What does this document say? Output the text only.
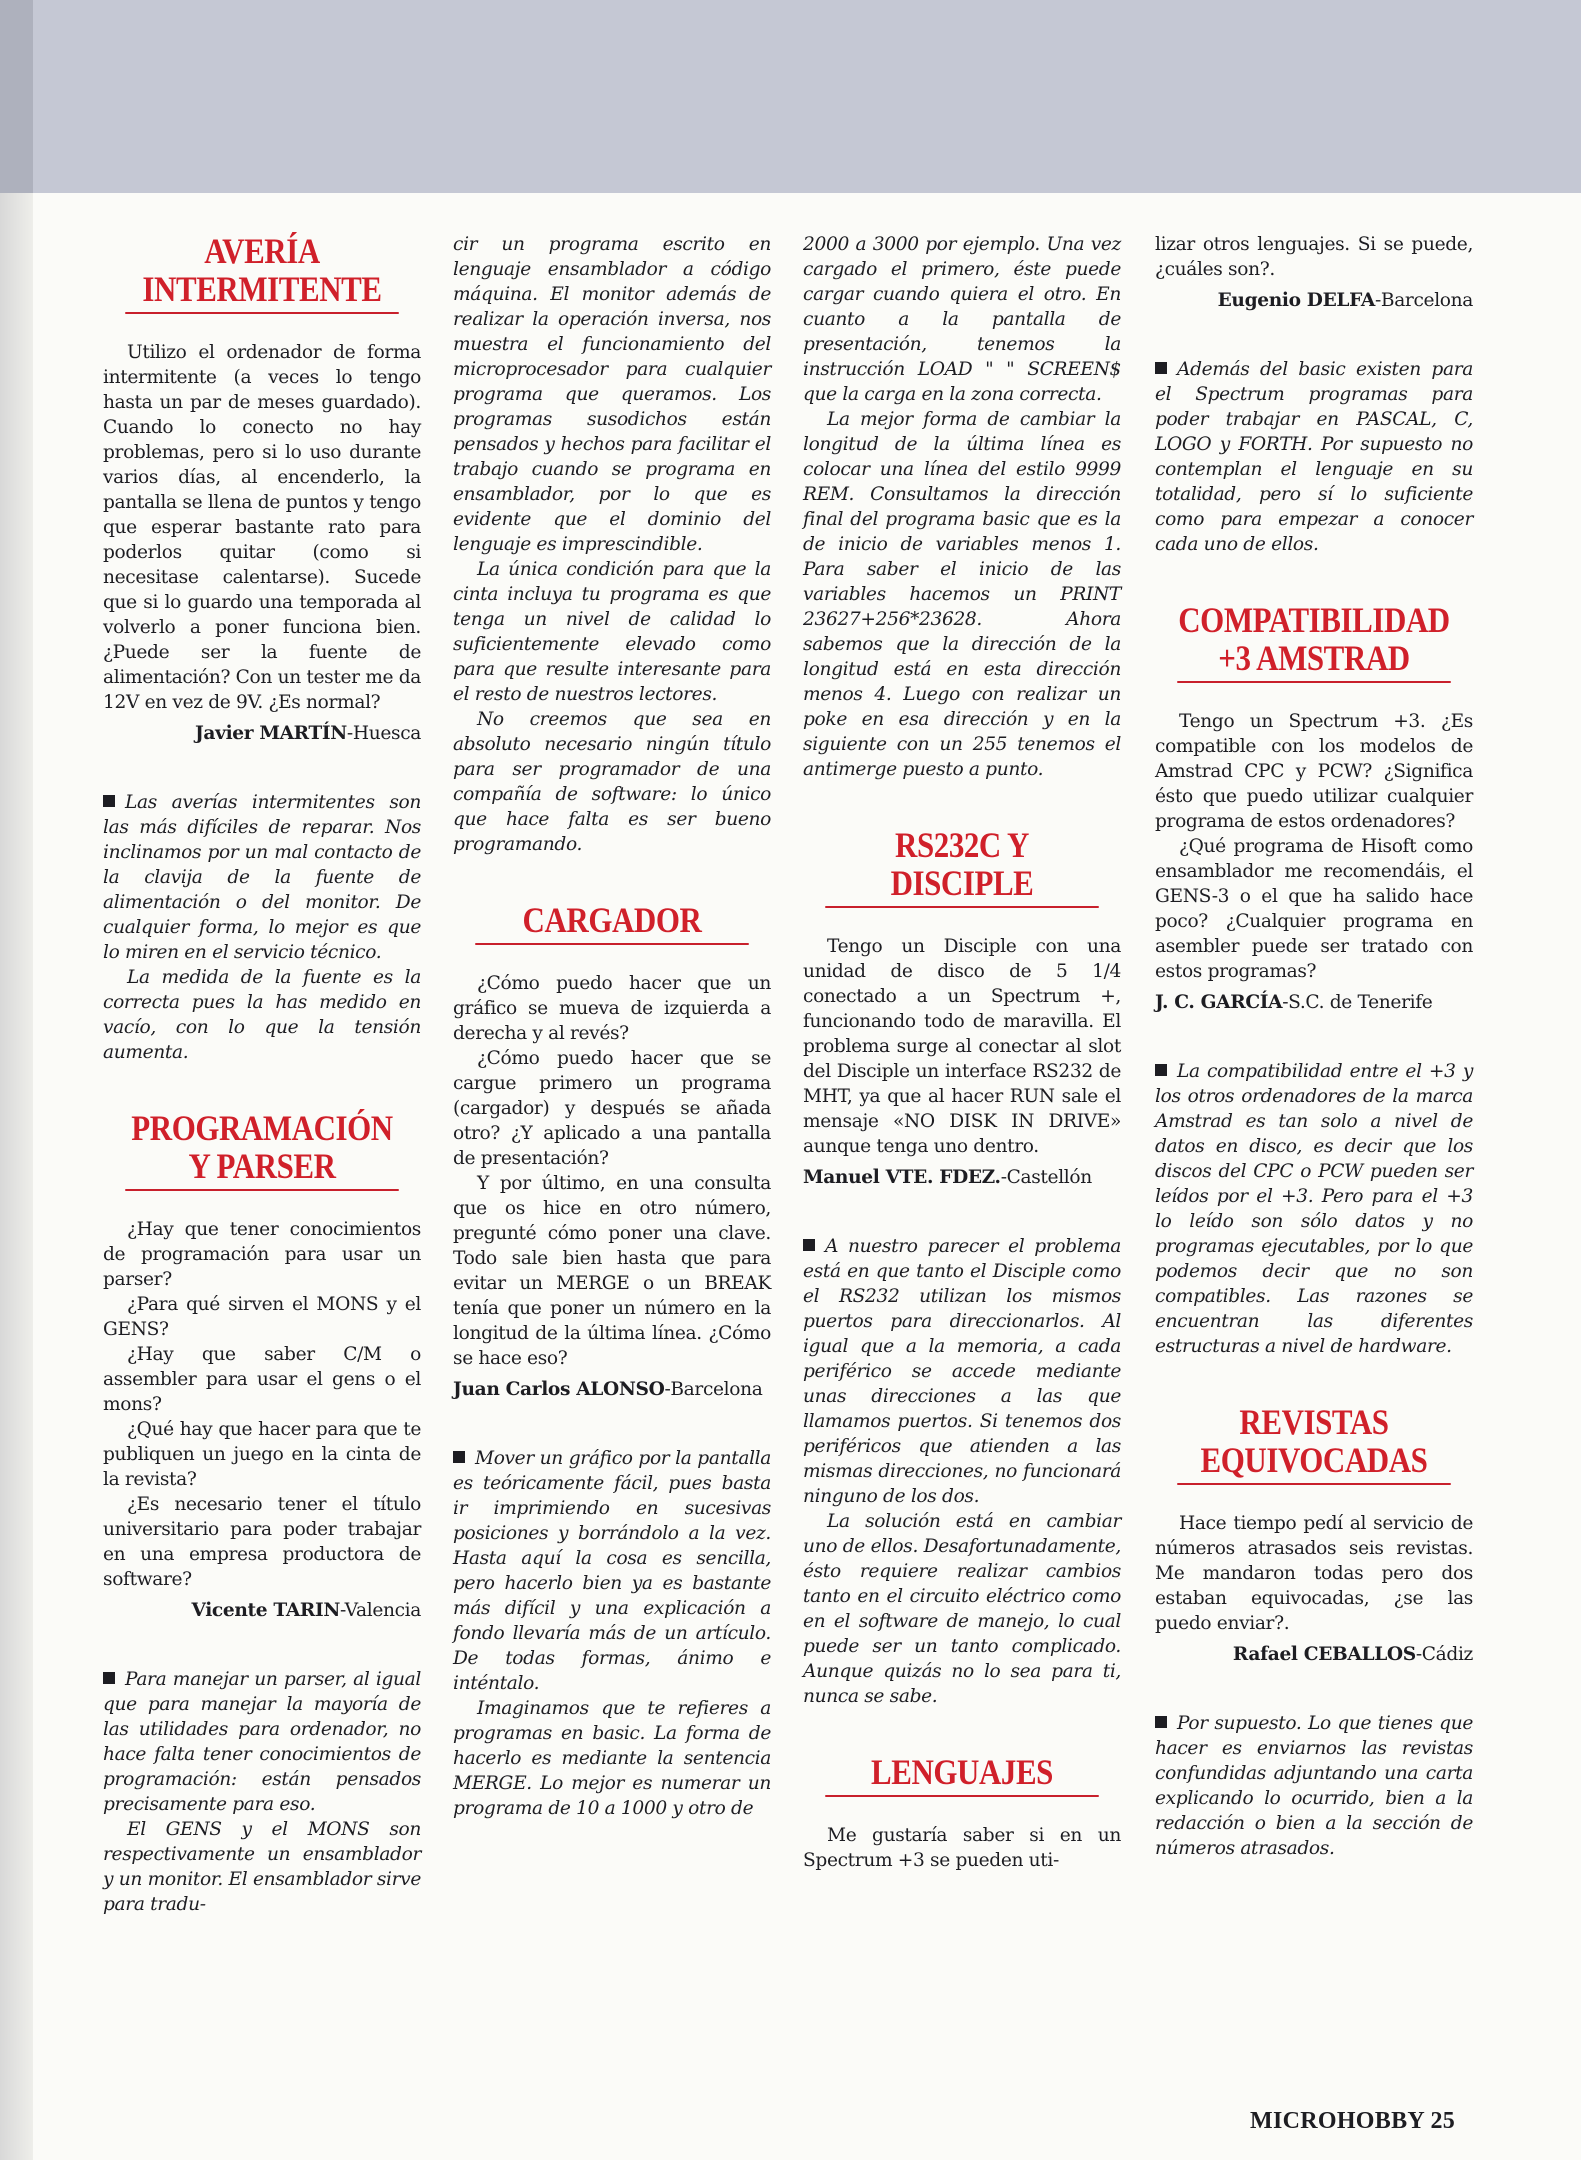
AVERÍA
INTERMITENTE

Utilizo el ordenador de forma intermitente (a veces lo tengo hasta un par de meses guardado). Cuando lo conecto no hay problemas, pero si lo uso durante varios días, al encenderlo, la pantalla se llena de puntos y tengo que esperar bastante rato para poderlos quitar (como si necesitase calentarse). Sucede que si lo guardo una temporada al volverlo a poner funciona bien. ¿Puede ser la fuente de alimentación? Con un tester me da 12V en vez de 9V. ¿Es normal?

Javier MARTÍN-Huesca

Las averías intermitentes son las más difíciles de reparar. Nos inclinamos por un mal contacto de la clavija de la fuente de alimentación o del monitor. De cualquier forma, lo mejor es que lo miren en el servicio técnico.

La medida de la fuente es la correcta pues la has medido en vacío, con lo que la tensión aumenta.

PROGRAMACIÓN
Y PARSER

¿Hay que tener conocimientos de programación para usar un parser?

¿Para qué sirven el MONS y el GENS?

¿Hay que saber C/M o assembler para usar el gens o el mons?

¿Qué hay que hacer para que te publiquen un juego en la cinta de la revista?

¿Es necesario tener el título universitario para poder trabajar en una empresa productora de software?

Vicente TARIN-Valencia

Para manejar un parser, al igual que para manejar la mayoría de las utilidades para ordenador, no hace falta tener conocimientos de programación: están pensados precisamente para eso.

El GENS y el MONS son respectivamente un ensamblador y un monitor. El ensamblador sirve para tradu-

cir un programa escrito en lenguaje ensamblador a código máquina. El monitor además de realizar la operación inversa, nos muestra el funcionamiento del microprocesador para cualquier programa que queramos. Los programas susodichos están pensados y hechos para facilitar el trabajo cuando se programa en ensamblador, por lo que es evidente que el dominio del lenguaje es imprescindible.

La única condición para que la cinta incluya tu programa es que tenga un nivel de calidad lo suficientemente elevado como para que resulte interesante para el resto de nuestros lectores.

No creemos que sea en absoluto necesario ningún título para ser programador de una compañía de software: lo único que hace falta es ser bueno programando.

CARGADOR

¿Cómo puedo hacer que un gráfico se mueva de izquierda a derecha y al revés?

¿Cómo puedo hacer que se cargue primero un programa (cargador) y después se añada otro? ¿Y aplicado a una pantalla de presentación?

Y por último, en una consulta que os hice en otro número, pregunté cómo poner una clave. Todo sale bien hasta que para evitar un MERGE o un BREAK tenía que poner un número en la longitud de la última línea. ¿Cómo se hace eso?

Juan Carlos ALONSO-Barcelona

Mover un gráfico por la pantalla es teóricamente fácil, pues basta ir imprimiendo en sucesivas posiciones y borrándolo a la vez. Hasta aquí la cosa es sencilla, pero hacerlo bien ya es bastante más difícil y una explicación a fondo llevaría más de un artículo. De todas formas, ánimo e inténtalo.

Imaginamos que te refieres a programas en basic. La forma de hacerlo es mediante la sentencia MERGE. Lo mejor es numerar un programa de 10 a 1000 y otro de

2000 a 3000 por ejemplo. Una vez cargado el primero, éste puede cargar cuando quiera el otro. En cuanto a la pantalla de presentación, tenemos la instrucción LOAD " " SCREEN$ que la carga en la zona correcta.

La mejor forma de cambiar la longitud de la última línea es colocar una línea del estilo 9999 REM. Consultamos la dirección final del programa basic que es la de inicio de variables menos 1. Para saber el inicio de las variables hacemos un PRINT 23627+256*23628. Ahora sabemos que la dirección de la longitud está en esta dirección menos 4. Luego con realizar un poke en esa dirección y en la siguiente con un 255 tenemos el antimerge puesto a punto.

RS232C Y DISCIPLE

Tengo un Disciple con una unidad de disco de 5 1/4 conectado a un Spectrum +, funcionando todo de maravilla. El problema surge al conectar al slot del Disciple un interface RS232 de MHT, ya que al hacer RUN sale el mensaje «NO DISK IN DRIVE» aunque tenga uno dentro.

Manuel VTE. FDEZ.-Castellón

A nuestro parecer el problema está en que tanto el Disciple como el RS232 utilizan los mismos puertos para direccionarlos. Al igual que a la memoria, a cada periférico se accede mediante unas direcciones a las que llamamos puertos. Si tenemos dos periféricos que atienden a las mismas direcciones, no funcionará ninguno de los dos.

La solución está en cambiar uno de ellos. Desafortunadamente, ésto requiere realizar cambios tanto en el circuito eléctrico como en el software de manejo, lo cual puede ser un tanto complicado. Aunque quizás no lo sea para ti, nunca se sabe.

LENGUAJES

Me gustaría saber si en un Spectrum +3 se pueden uti-

lizar otros lenguajes. Si se puede, ¿cuáles son?.

Eugenio DELFA-Barcelona

Además del basic existen para el Spectrum programas para poder trabajar en PASCAL, C, LOGO y FORTH. Por supuesto no contemplan el lenguaje en su totalidad, pero sí lo suficiente como para empezar a conocer cada uno de ellos.

COMPATIBILIDAD
+3 AMSTRAD

Tengo un Spectrum +3. ¿Es compatible con los modelos de Amstrad CPC y PCW? ¿Significa ésto que puedo utilizar cualquier programa de estos ordenadores?

¿Qué programa de Hisoft como ensamblador me recomendáis, el GENS-3 o el que ha salido hace poco? ¿Cualquier programa en asembler puede ser tratado con estos programas?

J. C. GARCÍA-S.C. de Tenerife

La compatibilidad entre el +3 y los otros ordenadores de la marca Amstrad es tan solo a nivel de datos en disco, es decir que los discos del CPC o PCW pueden ser leídos por el +3. Pero para el +3 lo leído son sólo datos y no programas ejecutables, por lo que podemos decir que no son compatibles. Las razones se encuentran las diferentes estructuras a nivel de hardware.

REVISTAS
EQUIVOCADAS

Hace tiempo pedí al servicio de números atrasados seis revistas. Me mandaron todas pero dos estaban equivocadas, ¿se las puedo enviar?.

Rafael CEBALLOS-Cádiz

Por supuesto. Lo que tienes que hacer es enviarnos las revistas confundidas adjuntando una carta explicando lo ocurrido, bien a la redacción o bien a la sección de números atrasados.

MICROHOBBY 25
